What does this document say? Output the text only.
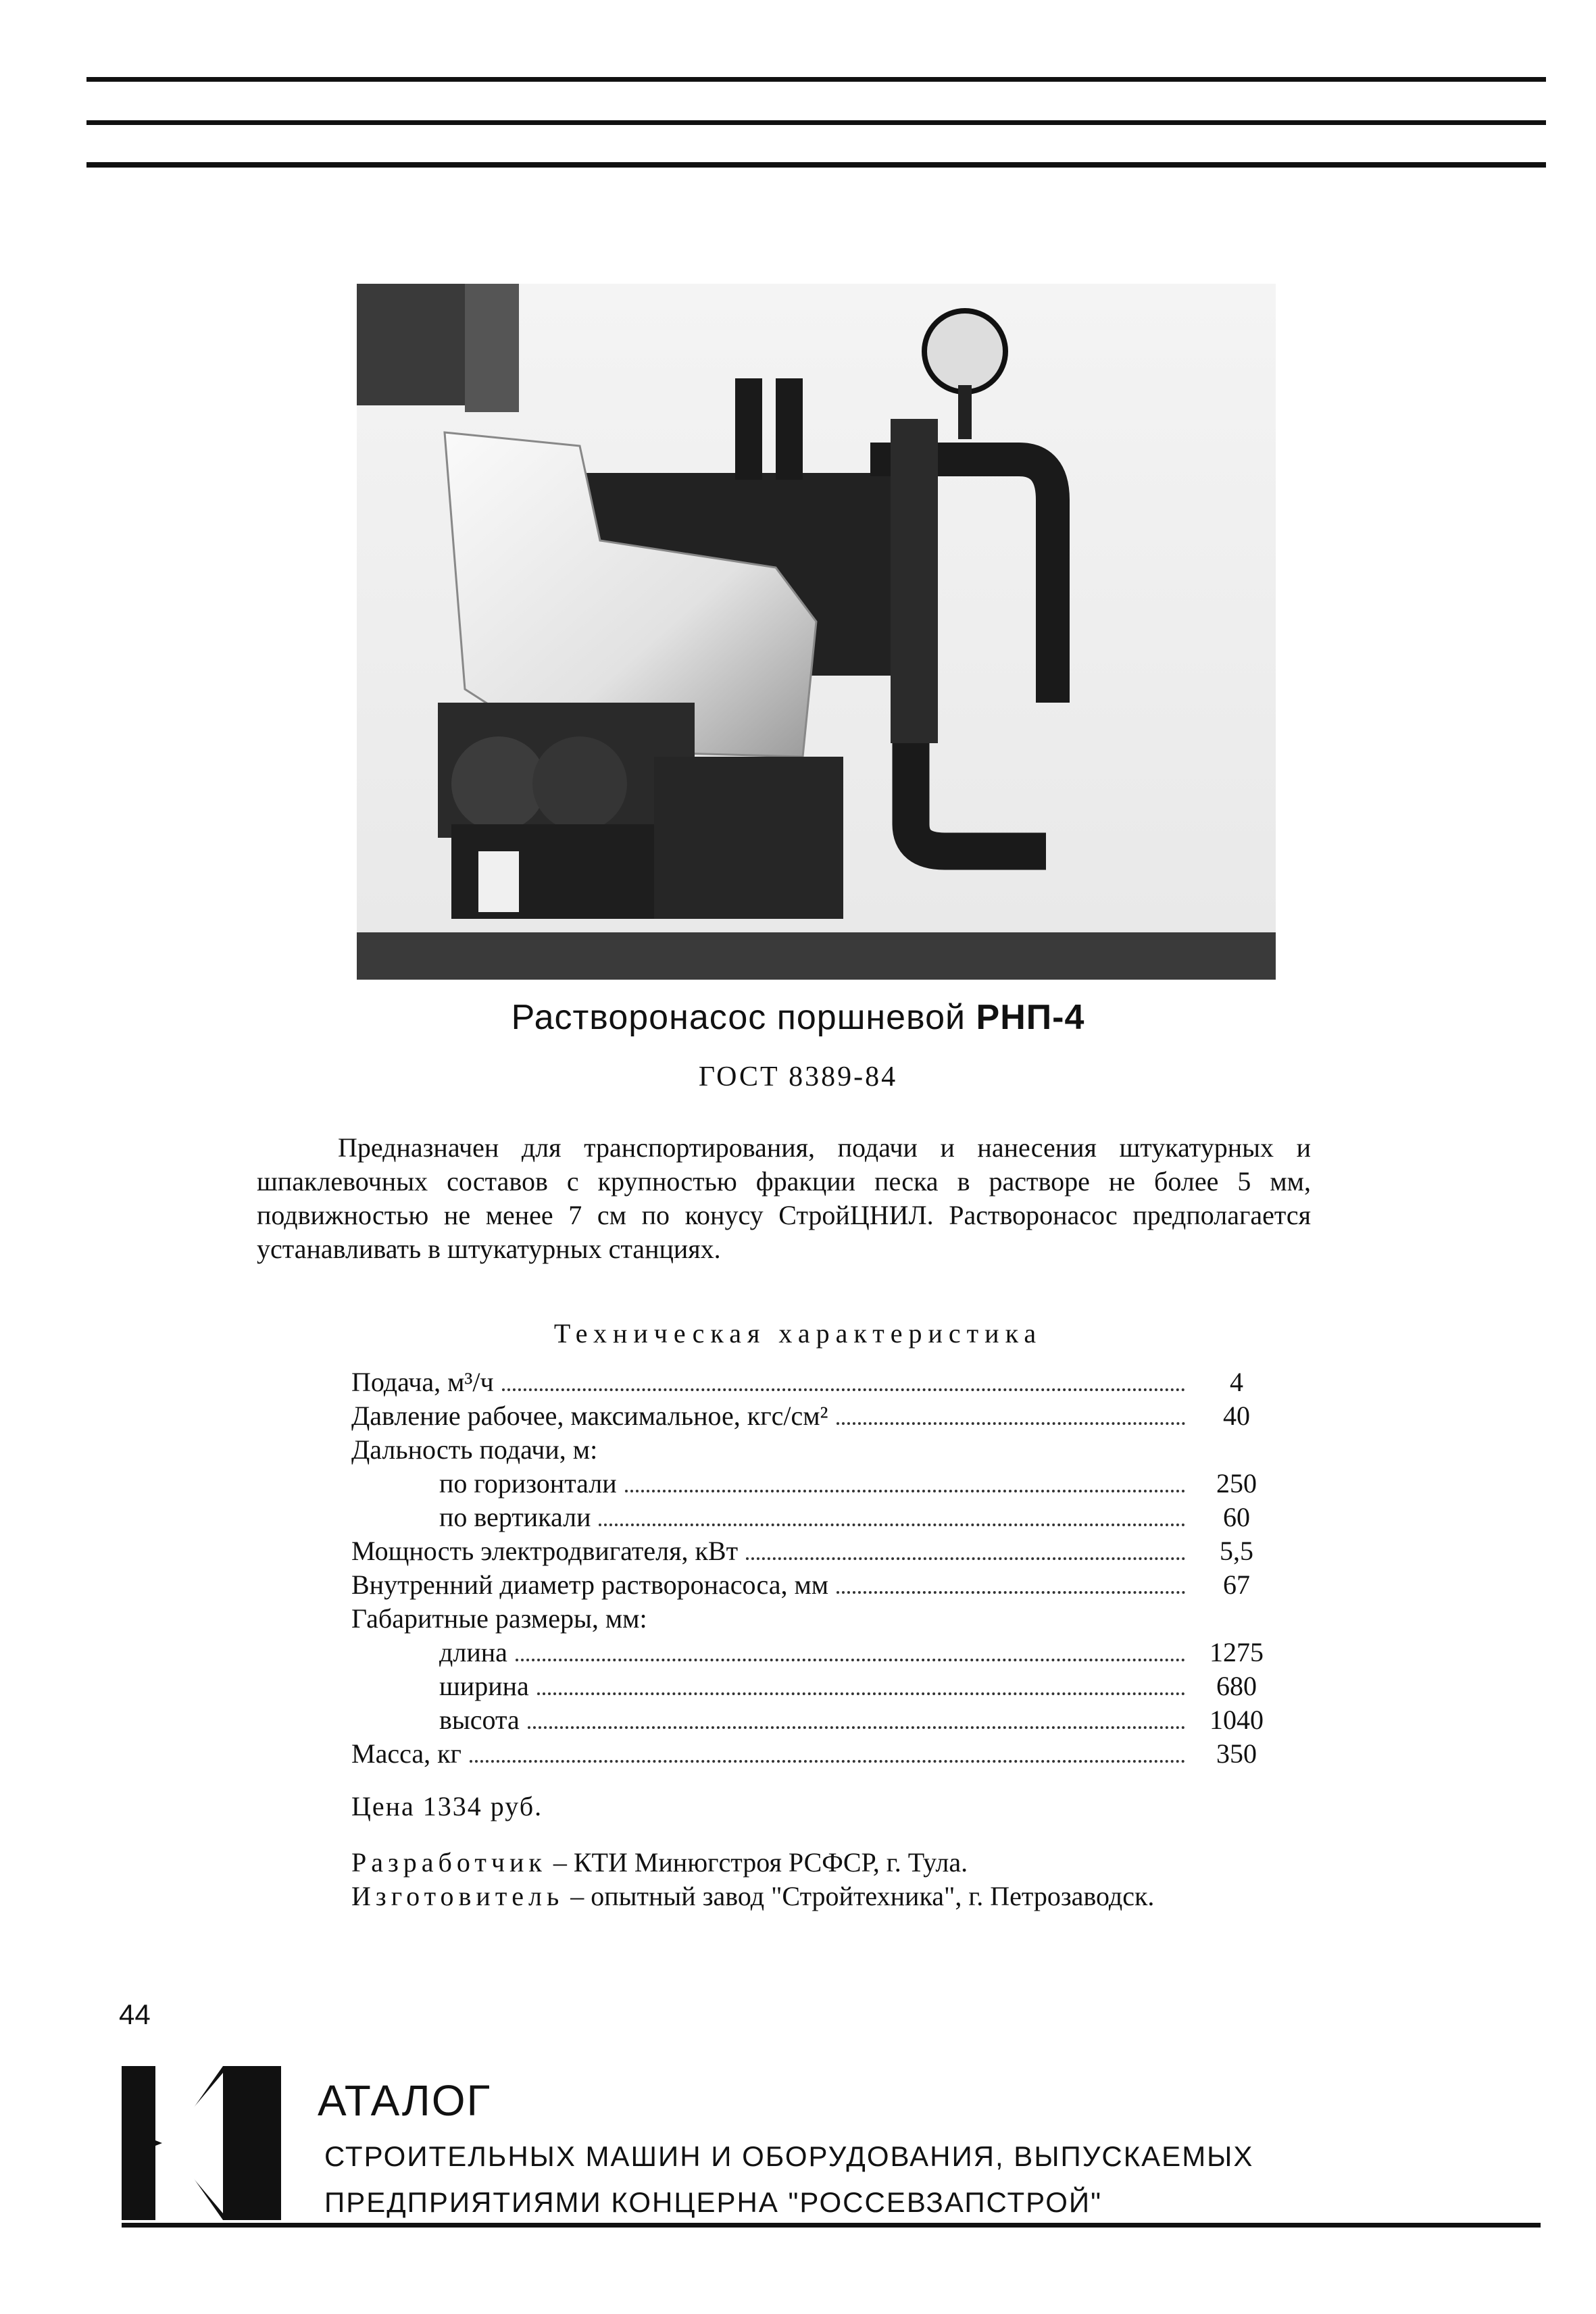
Растворонасос поршневой РНП-4
ГОСТ 8389-84

Предназначен для транспортирования, подачи и нанесения штукатурных и шпаклевочных составов с крупностью фракции песка в растворе не более 5 мм, подвижностью не менее 7 см по конусу СтройЦНИЛ. Растворонасос предполагается устанавливать в штукатурных станциях.

Техническая характеристика
Подача, м³/ч	4
Давление рабочее, максимальное, кгс/см²	40
Дальность подачи, м:
по горизонтали	250
по вертикали	60
Мощность электродвигателя, кВт	5,5
Внутренний диаметр растворонасоса, мм	67
Габаритные размеры, мм:
длина	1275
ширина	680
высота	1040
Масса, кг	350
Цена 1334 руб.
Разработчик – КТИ Минюгстроя РСФСР, г. Тула.
Изготовитель – опытный завод "Стройтехника", г. Петрозаводск.
44
АТАЛОГ
СТРОИТЕЛЬНЫХ МАШИН И ОБОРУДОВАНИЯ, ВЫПУСКАЕМЫХ
ПРЕДПРИЯТИЯМИ КОНЦЕРНА "РОССЕВЗАПСТРОЙ"
